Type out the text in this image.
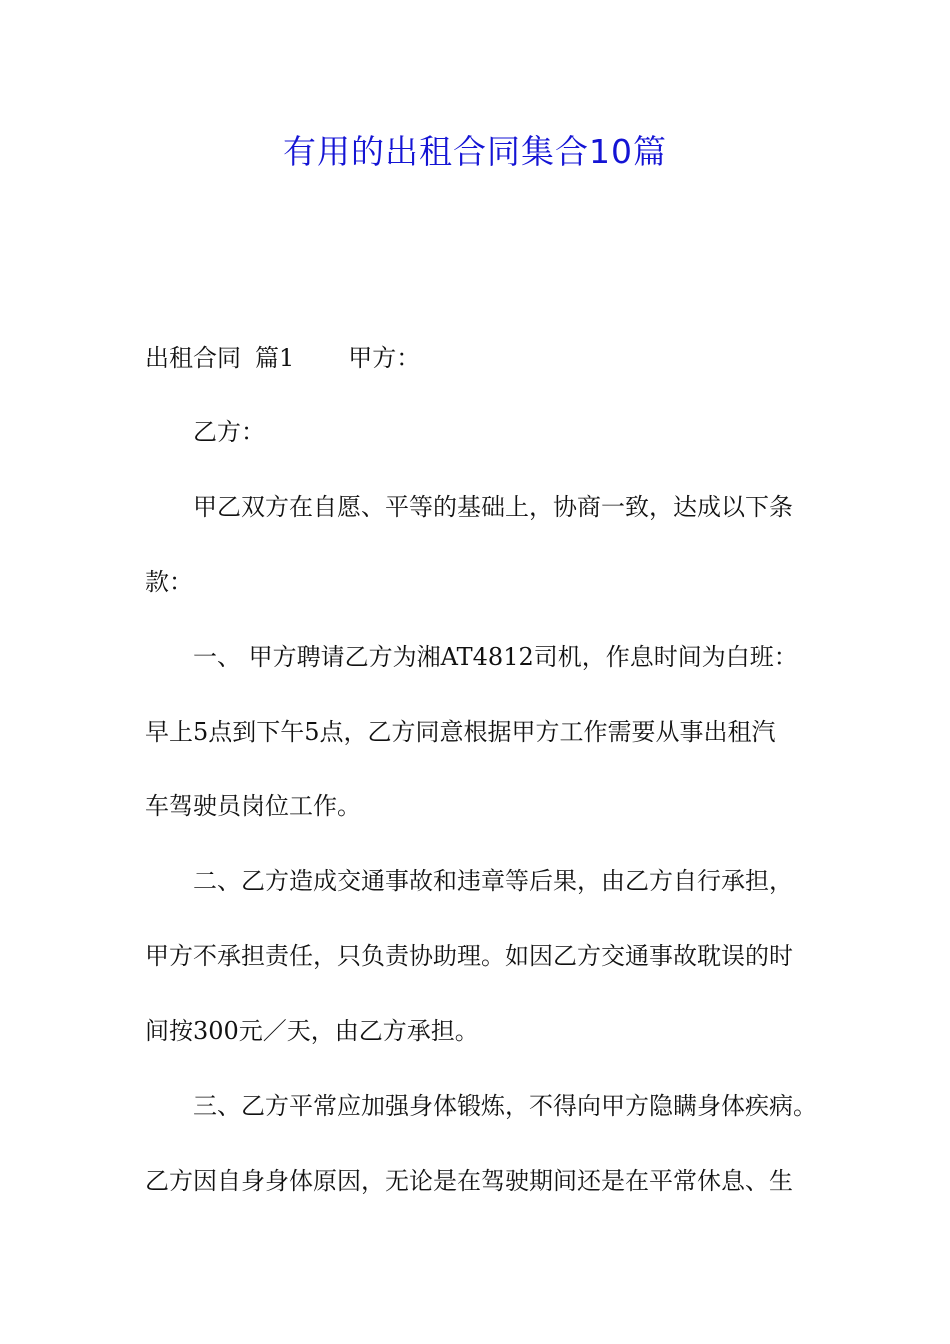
有用的出租合同集合10篇
出租合同 篇1 甲方：
乙方：
甲乙双方在自愿、平等的基础上，协商一致，达成以下条
款：
一、 甲方聘请乙方为湘AT4812司机，作息时间为白班：
早上5点到下午5点，乙方同意根据甲方工作需要从事出租汽
车驾驶员岗位工作。
二、乙方造成交通事故和违章等后果，由乙方自行承担，
甲方不承担责任，只负责协助理。如因乙方交通事故耽误的时
间按300元／天，由乙方承担。
三、乙方平常应加强身体锻炼，不得向甲方隐瞒身体疾病。
乙方因自身身体原因，无论是在驾驶期间还是在平常休息、生
